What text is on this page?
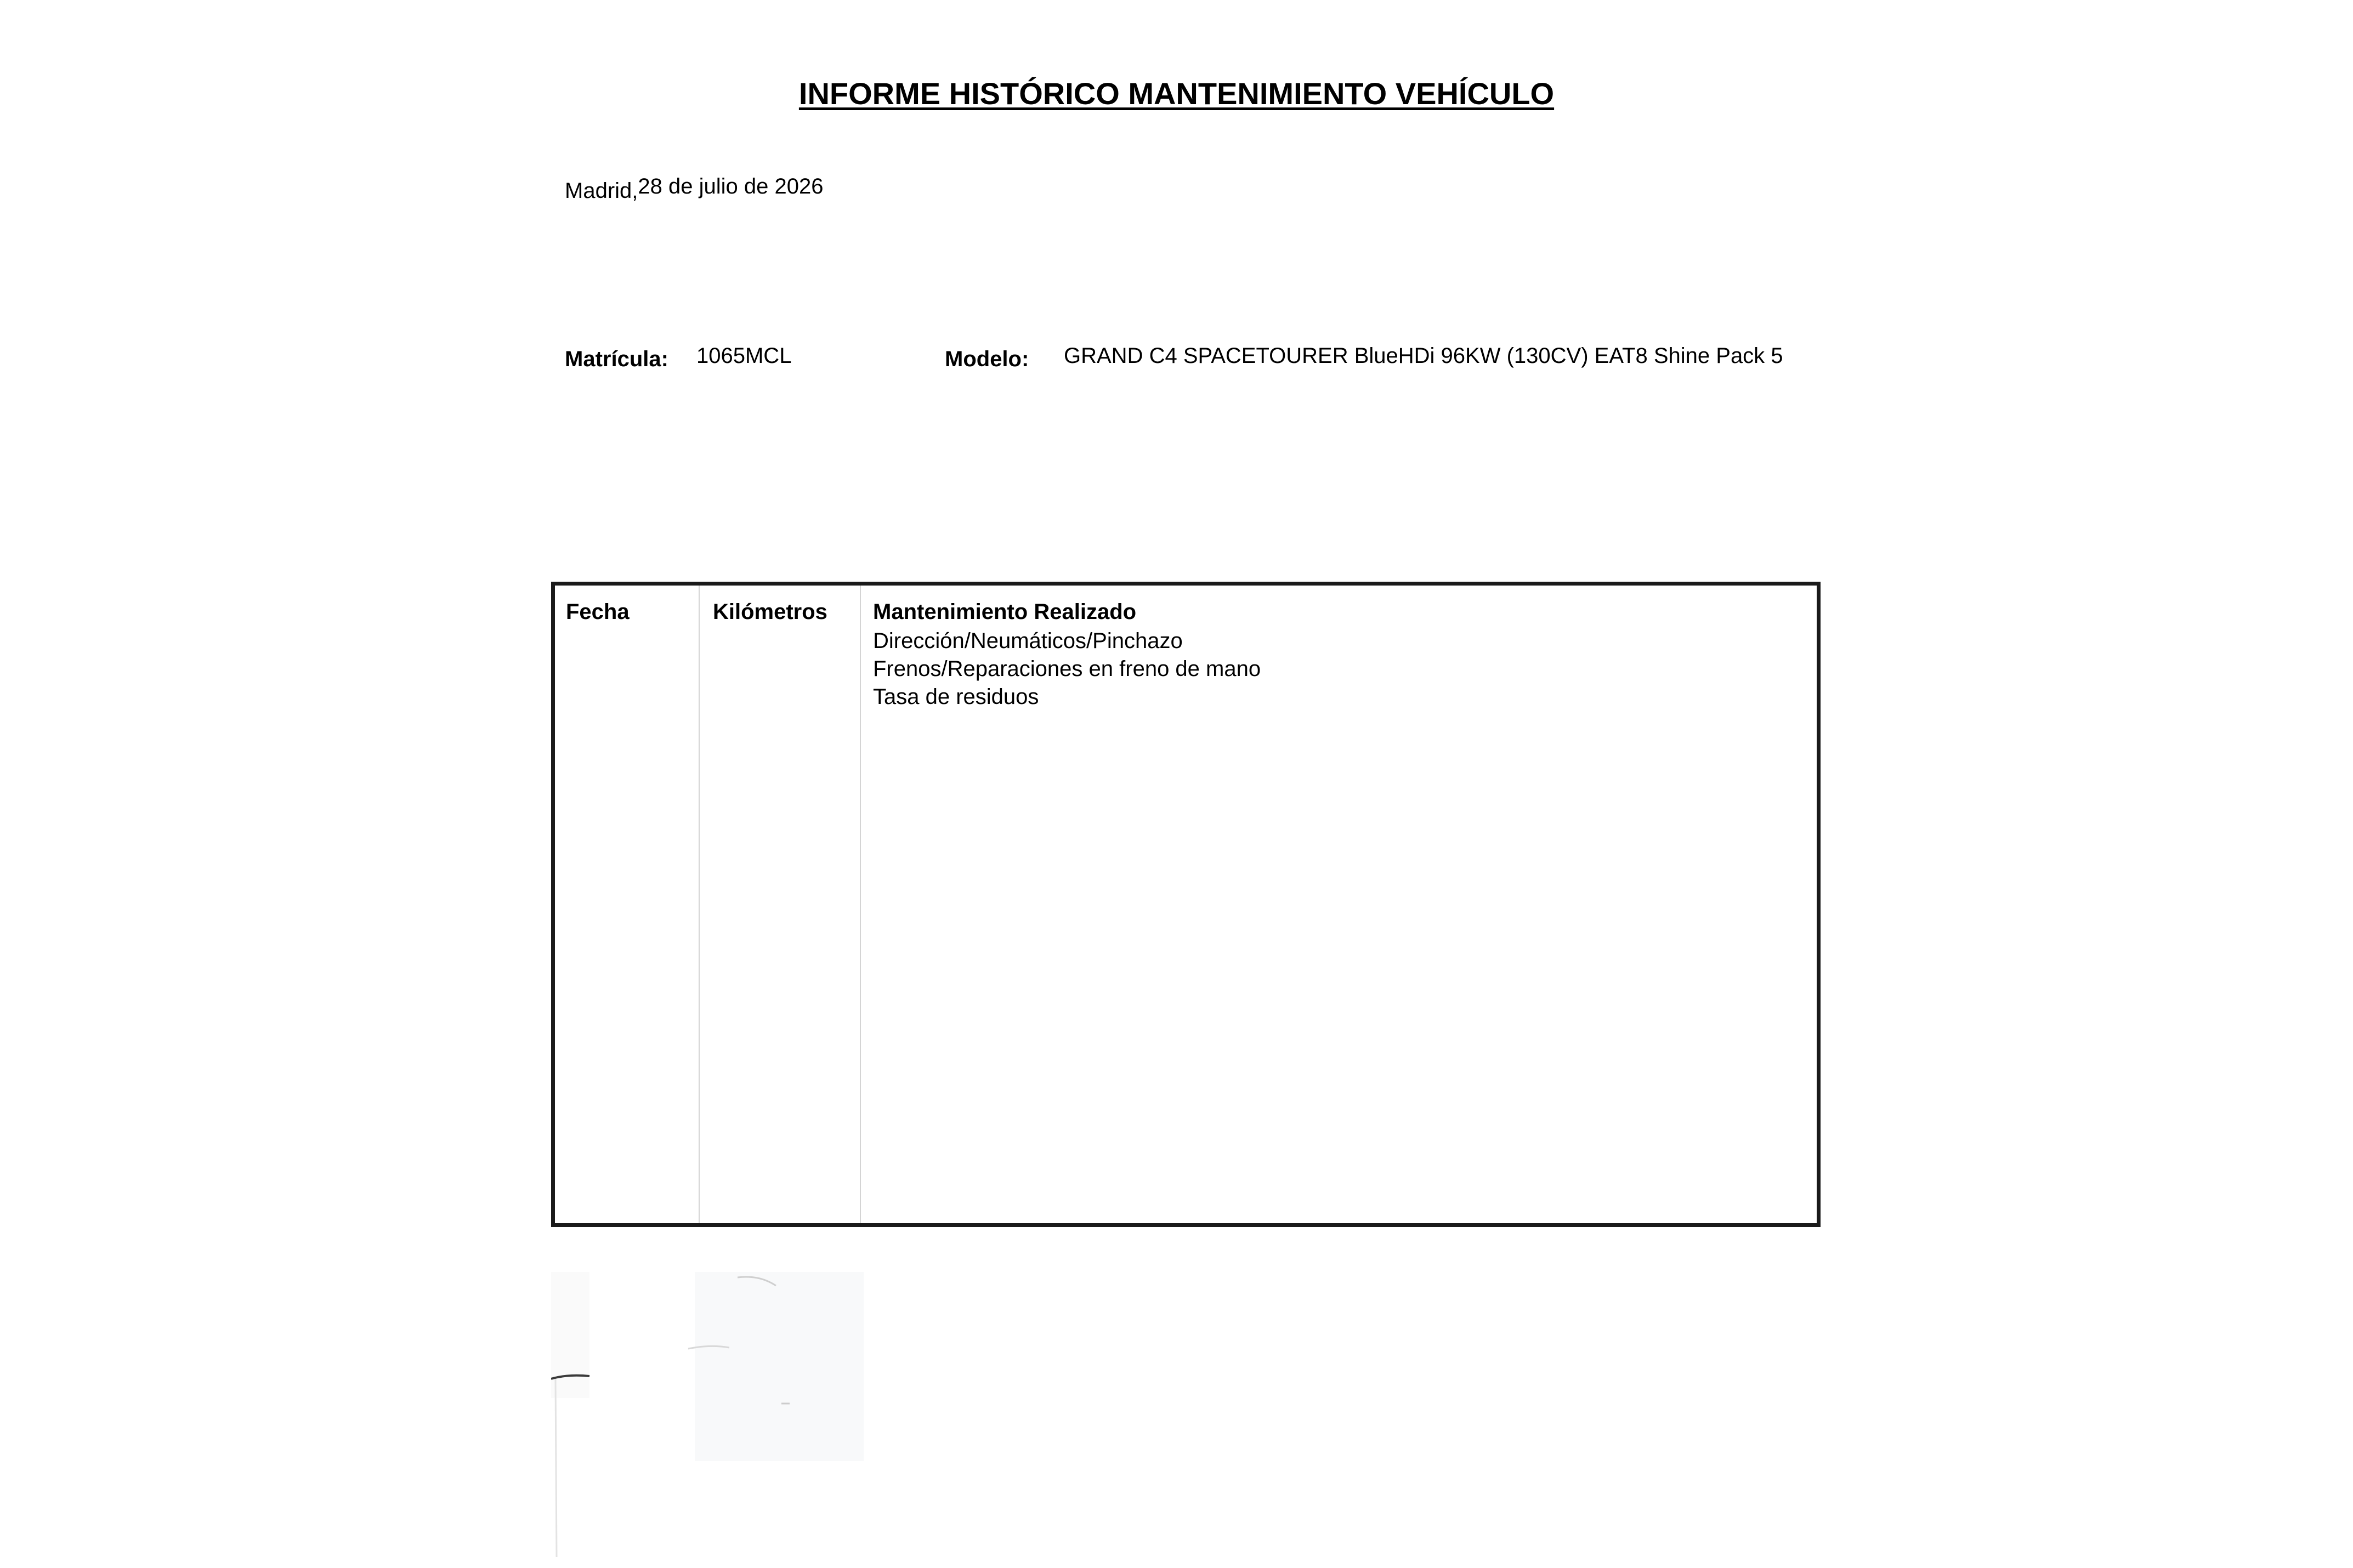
INFORME HISTÓRICO MANTENIMIENTO VEHÍCULO
Madrid,28 de julio de 2026
Matrícula: 1065MCL	Modelo: GRAND C4 SPACETOURER BlueHDi 96KW (130CV) EAT8 Shine Pack 5
Fecha	Kilómetros Mantenimiento Realizado
Dirección/Neumáticos/Pinchazo
Frenos/Reparaciones en freno de mano
Tasa de residuos
